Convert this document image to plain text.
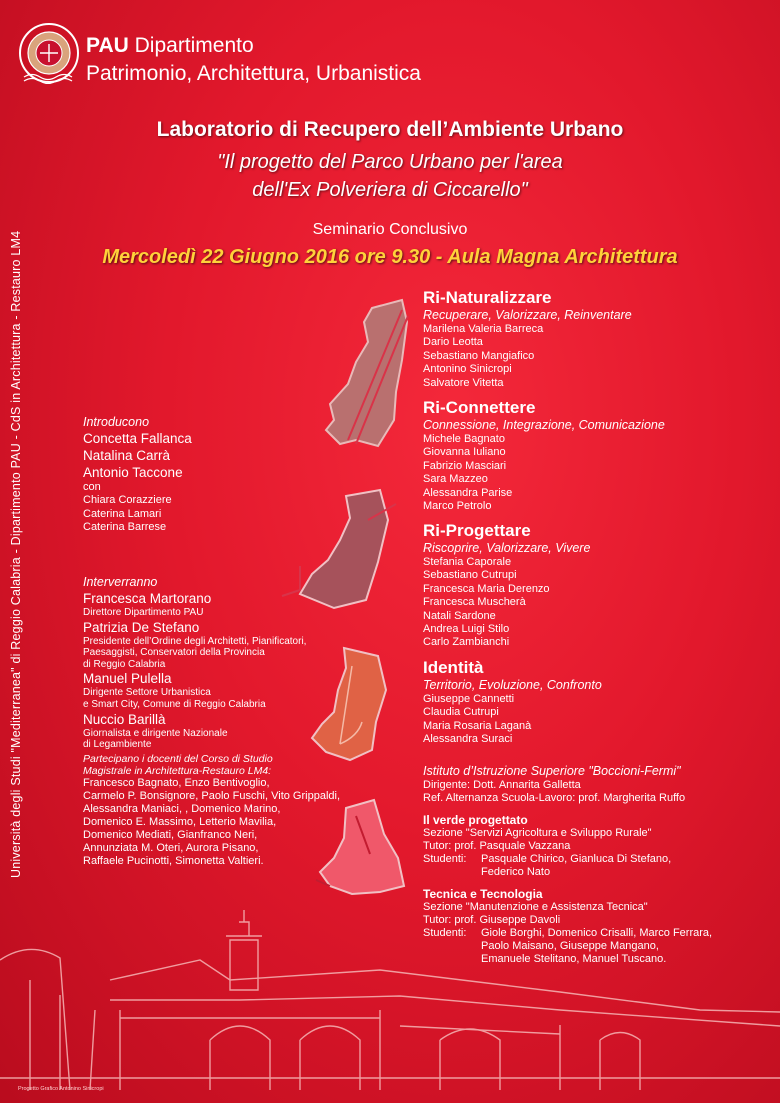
PAU Dipartimento
Patrimonio, Architettura, Urbanistica
Università degli Studi "Mediterranea" di Reggio Calabria - Dipartimento PAU - CdS in Architettura - Restauro LM4
Laboratorio di Recupero dell’Ambiente Urbano
"Il progetto del Parco Urbano per l'area
dell'Ex Polveriera di Ciccarello"
Seminario Conclusivo
Mercoledì 22 Giugno 2016 ore 9.30 - Aula Magna Architettura
Introducono
Concetta Fallanca
Natalina Carrà
Antonio Taccone
con
Chiara Corazziere
Caterina Lamari
Caterina Barrese
Interverranno
Francesca Martorano
Direttore Dipartimento PAU
Patrizia De Stefano
Presidente dell’Ordine degli Architetti, Pianificatori,
Paesaggisti, Conservatori della Provincia
di Reggio Calabria
Manuel Pulella
Dirigente Settore Urbanistica
e Smart City, Comune di Reggio Calabria
Nuccio Barillà
Giornalista e dirigente Nazionale
di Legambiente
Partecipano i docenti del Corso di Studio
Magistrale in Architettura-Restauro LM4:
Francesco Bagnato, Enzo Bentivoglio,
Carmelo P. Bonsignore, Paolo Fuschi, Vito Grippaldi,
Alessandra Maniaci, , Domenico Marino,
Domenico E. Massimo, Letterio Mavilia,
Domenico Mediati, Gianfranco Neri,
Annunziata M. Oteri, Aurora Pisano,
Raffaele Pucinotti, Simonetta Valtieri.
Ri-Naturalizzare
Recuperare, Valorizzare, Reinventare
Marilena Valeria Barreca
Dario Leotta
Sebastiano Mangiafico
Antonino Sinicropi
Salvatore Vitetta
Ri-Connettere
Connessione, Integrazione, Comunicazione
Michele Bagnato
Giovanna Iuliano
Fabrizio Masciari
Sara Mazzeo
Alessandra Parise
Marco Petrolo
Ri-Progettare
Riscoprire, Valorizzare, Vivere
Stefania Caporale
Sebastiano Cutrupi
Francesca Maria Derenzo
Francesca Muscherà
Natali Sardone
Andrea Luigi Stilo
Carlo Zambianchi
Identità
Territorio, Evoluzione, Confronto
Giuseppe Cannetti
Claudia Cutrupi
Maria Rosaria Laganà
Alessandra Suraci
Istituto d’Istruzione Superiore "Boccioni-Fermi"
Dirigente: Dott. Annarita Galletta
Ref. Alternanza Scuola-Lavoro: prof. Margherita Ruffo
Il verde progettato
Sezione "Servizi Agricoltura e Sviluppo Rurale"
Tutor: prof. Pasquale Vazzana
Studenti:	Pasquale Chirico, Gianluca Di Stefano,
Federico Nato
Tecnica e Tecnologia
Sezione "Manutenzione e Assistenza Tecnica"
Tutor: prof. Giuseppe Davoli
Studenti:	Giole Borghi, Domenico Crisalli, Marco Ferrara,
Paolo Maisano, Giuseppe Mangano,
Emanuele Stelitano, Manuel Tuscano.
Progetto Grafico Antonino Sinicropi
